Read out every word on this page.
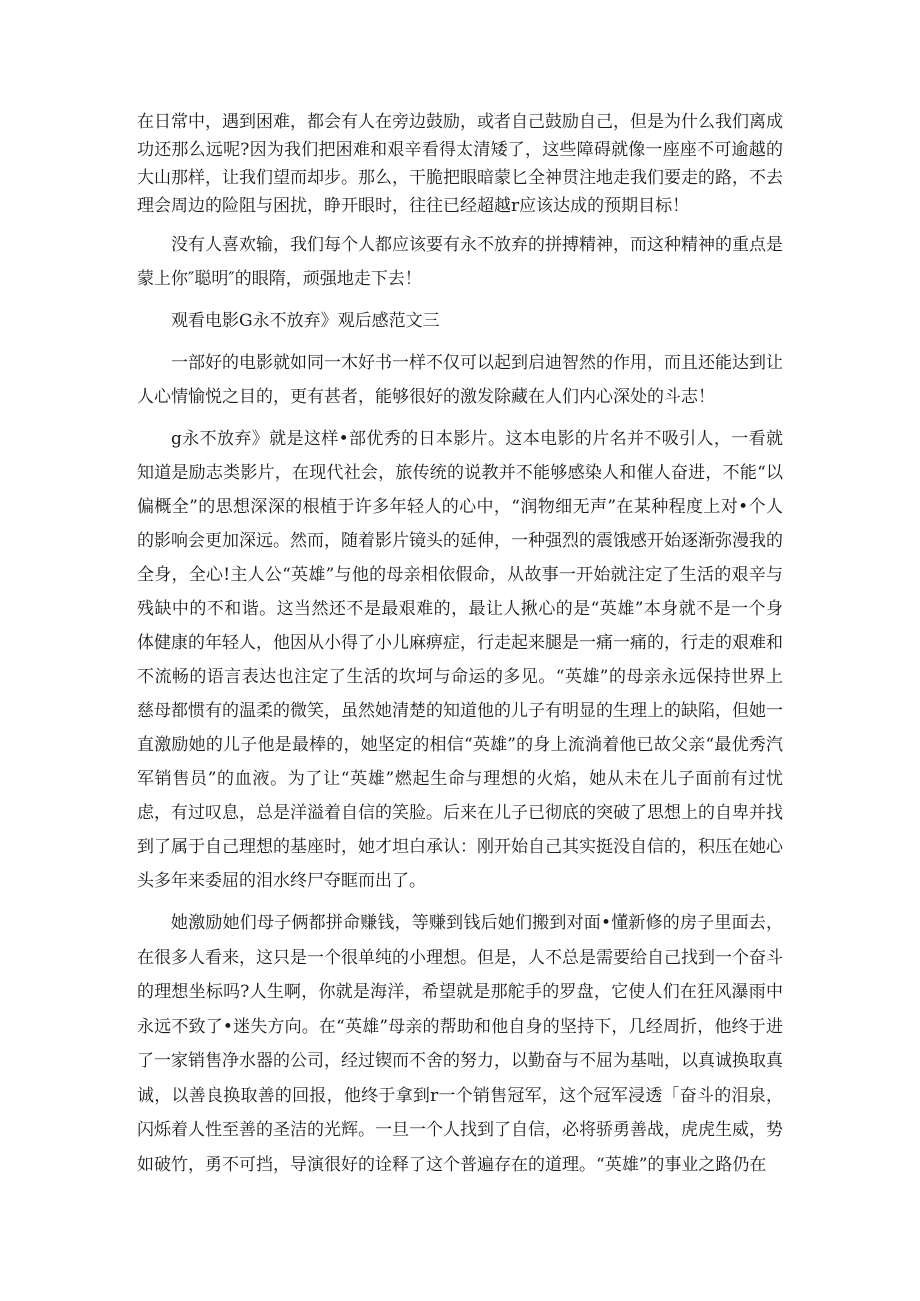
在日常中，遇到困难，都会有人在旁边鼓励，或者自己鼓励自己，但是为什么我们离成功还那么远呢?因为我们把困难和艰辛看得太清矮了，这些障碍就像一座座不可逾越的大山那样，让我们望而却步。那么，干脆把眼暗蒙匕全神贯注地走我们要走的路，不去理会周边的险阻与困扰，睁开眼时，往往已经超越r应该达成的预期目标！

没有人喜欢输，我们每个人都应该要有永不放弃的拼搏精神，而这种精神的重点是蒙上你″聪明″的眼隋，顽强地走下去！

观看电影G永不放弃》观后感范文三

一部好的电影就如同一木好书一样不仅可以起到启迪智然的作用，而且还能达到让人心情愉悦之目的，更有甚者，能够很好的激发除藏在人们内心深处的斗志！

g永不放弃》就是这样•部优秀的日本影片。这本电影的片名并不吸引人，一看就知道是励志类影片，在现代社会，旅传统的说教并不能够感染人和催人奋进，不能“以偏概全”的思想深深的根植于许多年轻人的心中，“润物细无声”在某种程度上对•个人的影响会更加深远。然而，随着影片镜头的延伸，一种强烈的震饿感开始逐渐弥漫我的全身，全心!主人公“英雄”与他的母亲相依假命，从故事一开始就注定了生活的艰辛与残缺中的不和谐。这当然还不是最艰难的，最让人揪心的是“英雄”本身就不是一个身体健康的年轻人，他因从小得了小儿麻痹症，行走起来腿是一痛一痛的，行走的艰难和不流畅的语言表达也注定了生活的坎坷与命运的多见。“英雄”的母亲永远保持世界上慈母都惯有的温柔的微笑，虽然她清楚的知道他的儿子有明显的生理上的缺陷，但她一直激励她的儿子他是最棒的，她坚定的相信“英雄”的身上流淌着他已故父亲“最优秀汽军销售员”的血液。为了让“英雄”燃起生命与理想的火焰，她从未在儿子面前有过忧虑，有过叹息，总是洋溢着自信的笑脸。后来在儿子已彻底的突破了思想上的自卑并找到了属于自己理想的基座时，她才坦白承认：刚开始自己其实挺没自信的，积压在她心头多年来委屈的泪水终尸夺眶而出了。

她激励她们母子俩都拼命赚钱，等赚到钱后她们搬到对面•懂新修的房子里面去，在很多人看来，这只是一个很单纯的小理想。但是，人不总是需要给自己找到一个奋斗的理想坐标吗?人生啊，你就是海洋，希望就是那舵手的罗盘，它使人们在狂风瀑雨中永远不致了•迷失方向。在“英雄”母亲的帮助和他自身的坚持下，几经周折，他终于进了一家销售净水器的公司，经过锲而不舍的努力，以勤奋与不屈为基咄，以真诚换取真诚，以善良换取善的回报，他终于拿到r一个销售冠军，这个冠军浸透「奋斗的泪泉，闪烁着人性至善的圣洁的光辉。一旦一个人找到了自信，必将骄勇善战，虎虎生威，势如破竹，勇不可挡，导演很好的诠释了这个普遍存在的道理。“英雄”的事业之路仍在
